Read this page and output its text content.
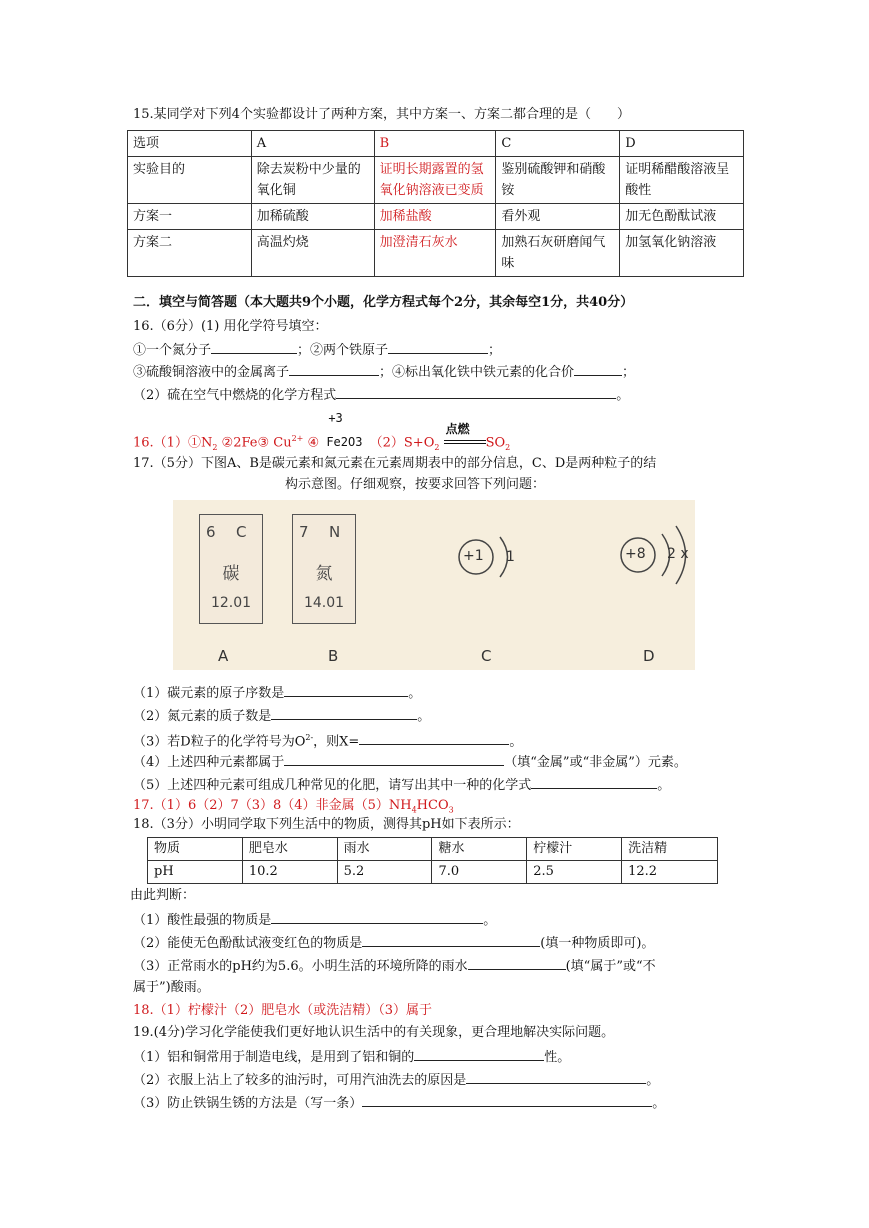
15.某同学对下列4个实验都设计了两种方案，其中方案一、方案二都合理的是（　　）
选项	A	B	C	D
实验目的	除去炭粉中少量的氧化铜	证明长期露置的氢氧化钠溶液已变质	鉴别硫酸钾和硝酸铵	证明稀醋酸溶液呈酸性
方案一	加稀硫酸	加稀盐酸	看外观	加无色酚酞试液
方案二	高温灼烧	加澄清石灰水	加熟石灰研磨闻气味	加氢氧化钠溶液
二．填空与简答题（本大题共9个小题，化学方程式每个2分，其余每空1分，共40分）
16.（6分）(1) 用化学符号填空：
①一个氮分子	；②两个铁原子	；
③硫酸铜溶液中的金属离子	；④标出氧化铁中铁元素的化合价	；
（2）硫在空气中燃烧的化学方程式	。
$16.(1)①N_2$ ②2Fe③ $Cu^{2+}$ ④
+3
Fe2O3 $(2)S+O_2$
点燃
$SO_2$
17.（5分）下图A、B是碳元素和氮元素在元素周期表中的部分信息，C、D是两种粒子的结
构示意图。仔细观察，按要求回答下列问题：
6 C
碳
12.01
7 N
氮
14.01
+1 1	+8 2 x
A	B	C	D
（1）碳元素的原子序数是	。
（2）氮元素的质子数是	。
（3）若D粒子的化学符号为$O^{2-}$，则X=	。
（4）上述四种元素都属于	（填“金属”或“非金属”）元素。
（5）上述四种元素可组成几种常见的化肥，请写出其中一种的化学式	。
17.（1）6（2）7（3）8（4）非金属$(5)NH_4HCO_3$
18.（3分）小明同学取下列生活中的物质，测得其pH如下表所示：
物质	肥皂水	雨水	糖水	柠檬汁	洗洁精
pH	10.2	5.2	7.0	2.5	12.2
由此判断：
（1）酸性最强的物质是	。
（2）能使无色酚酞试液变红色的物质是	(填一种物质即可)。
（3）正常雨水的pH约为5.6。小明生活的环境所降的雨水	(填“属于”或“不
属于”)酸雨。
18.（1）柠檬汁（2）肥皂水（或洗洁精）（3）属于
19.(4分)学习化学能使我们更好地认识生活中的有关现象，更合理地解决实际问题。
（1）铝和铜常用于制造电线，是用到了铝和铜的	性。
（2）衣服上沾上了较多的油污时，可用汽油洗去的原因是	。
（3）防止铁锅生锈的方法是（写一条）	。
